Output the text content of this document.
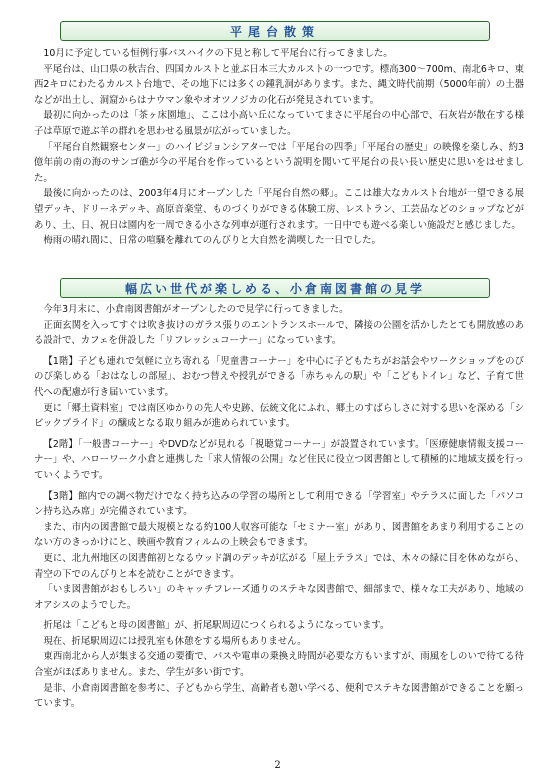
平尾台散策

10月に予定している恒例行事バスハイクの下見と称して平尾台に行ってきました。

平尾台は、山口県の秋吉台、四国カルストと並ぶ日本三大カルストの一つです。標高300～700m、南北6キロ、東西2キロにわたるカルスト台地で、その地下には多くの鍾乳洞があります。また、縄文時代前期（5000年前）の土器などが出土し、洞窟からはナウマン象やオオツノジカの化石が発見されています。

最初に向かったのは「茶ヶ床園地」、ここは小高い丘になっていてまさに平尾台の中心部で、石灰岩が散在する様子は草原で遊ぶ羊の群れを思わせる風景が広がっていました。

「平尾台自然観察センター」のハイビジョンシアターでは「平尾台の四季」「平尾台の歴史」の映像を楽しみ、約3億年前の南の海のサンゴ礁が今の平尾台を作っているという説明を聞いて平尾台の長い長い歴史に思いをはせました。

最後に向かったのは、2003年4月にオープンした「平尾台自然の郷」。ここは雄大なカルスト台地が一望できる展望デッキ、ドリーネデッキ、高原音楽堂、ものづくりができる体験工房、レストラン、工芸品などのショップなどがあり、土、日、祝日は園内を一周できる小さな列車が運行されます。一日中でも遊べる楽しい施設だと感じました。

梅雨の晴れ間に、日常の喧騒を離れてのんびりと大自然を満喫した一日でした。

幅広い世代が楽しめる、小倉南図書館の見学

今年3月末に、小倉南図書館がオープンしたので見学に行ってきました。

正面玄関を入ってすぐは吹き抜けのガラス張りのエントランスホールで、隣接の公園を活かしたとても開放感のある設計で、カフェを併設した「リフレッシュコーナー」になっています。

【1階】子ども連れで気軽に立ち寄れる「児童書コーナー」を中心に子どもたちがお話会やワークショップをのびのび楽しめる「おはなしの部屋」、おむつ替えや授乳ができる「赤ちゃんの駅」や「こどもトイレ」など、子育て世代への配慮が行き届いています。

更に「郷土資料室」では南区ゆかりの先人や史跡、伝統文化にふれ、郷土のすばらしさに対する思いを深める「シビックプライド」の醸成となる取り組みが進められています。

【2階】「一般書コーナー」やDVDなどが見れる「視聴覚コーナー」が設置されています。「医療健康情報支援コーナー」や、ハローワーク小倉と連携した「求人情報の公開」など住民に役立つ図書館として積極的に地域支援を行っていくようです。

【3階】館内での調べ物だけでなく持ち込みの学習の場所として利用できる「学習室」やテラスに面した「パソコン持ち込み席」が完備されています。

また、市内の図書館で最大規模となる約100人収容可能な「セミナー室」があり、図書館をあまり利用することのない方のきっかけにと、映画や教育フィルムの上映会もできます。

更に、北九州地区の図書館初となるウッド調のデッキが広がる「屋上テラス」では、木々の緑に目を休めながら、青空の下でのんびりと本を読むことができます。

「いま図書館がおもしろい」のキャッチフレーズ通りのステキな図書館で、細部まで、様々な工夫があり、地域のオアシスのようでした。

折尾は「こどもと母の図書館」が、折尾駅周辺につくられるようになっています。

現在、折尾駅周辺には授乳室も休憩をする場所もありません。

東西南北から人が集まる交通の要衝で、バスや電車の乗換え時間が必要な方もいますが、雨風をしのいで待てる待合室がほぼありません。また、学生が多い街です。

是非、小倉南図書館を参考に、子どもから学生、高齢者も憩い学べる、便利でステキな図書館ができることを願っています。

2
